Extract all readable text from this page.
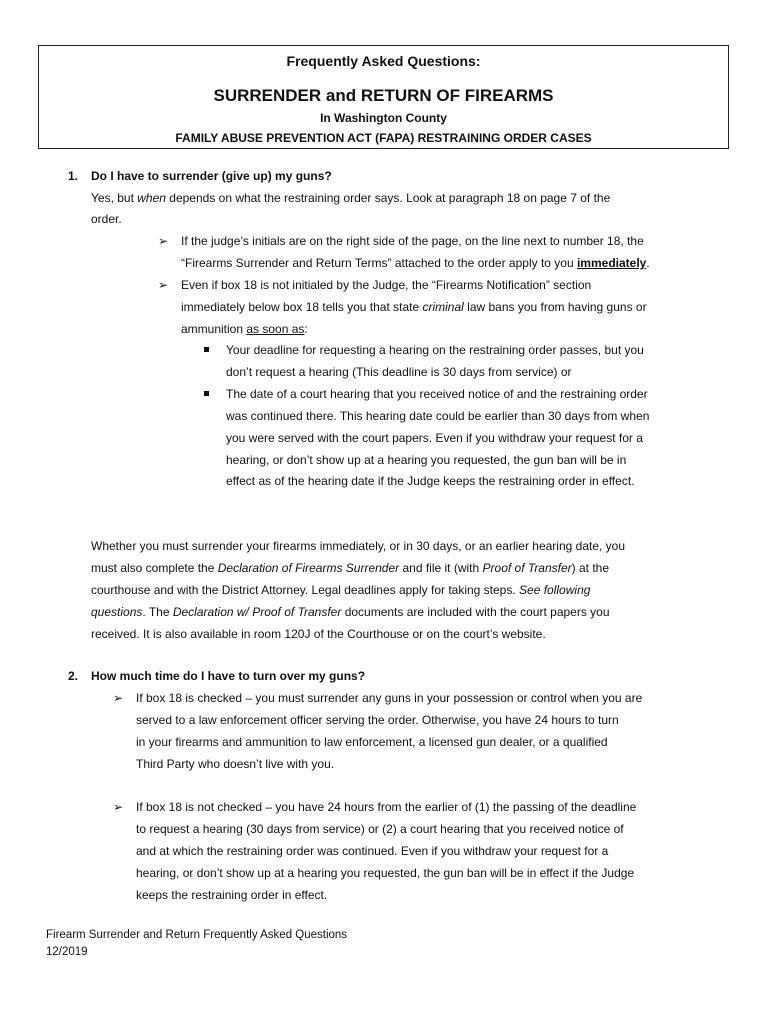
Frequently Asked Questions:
SURRENDER and RETURN OF FIREARMS
In Washington County
FAMILY ABUSE PREVENTION ACT (FAPA) RESTRAINING ORDER CASES
1. Do I have to surrender (give up) my guns?
Yes, but when depends on what the restraining order says. Look at paragraph 18 on page 7 of the
order.
➢ If the judge’s initials are on the right side of the page, on the line next to number 18, the
“Firearms Surrender and Return Terms” attached to the order apply to you immediately.
➢ Even if box 18 is not initialed by the Judge, the “Firearms Notification” section
immediately below box 18 tells you that state criminal law bans you from having guns or
ammunition as soon as:
Your deadline for requesting a hearing on the restraining order passes, but you
don’t request a hearing (This deadline is 30 days from service) or
The date of a court hearing that you received notice of and the restraining order
was continued there. This hearing date could be earlier than 30 days from when
you were served with the court papers. Even if you withdraw your request for a
hearing, or don’t show up at a hearing you requested, the gun ban will be in
effect as of the hearing date if the Judge keeps the restraining order in effect.
Whether you must surrender your firearms immediately, or in 30 days, or an earlier hearing date, you
must also complete the Declaration of Firearms Surrender and file it (with Proof of Transfer) at the
courthouse and with the District Attorney. Legal deadlines apply for taking steps. See following
questions. The Declaration w/ Proof of Transfer documents are included with the court papers you
received. It is also available in room 120J of the Courthouse or on the court’s website.
2. How much time do I have to turn over my guns?
➢ If box 18 is checked – you must surrender any guns in your possession or control when you are
served to a law enforcement officer serving the order. Otherwise, you have 24 hours to turn
in your firearms and ammunition to law enforcement, a licensed gun dealer, or a qualified
Third Party who doesn’t live with you.
➢ If box 18 is not checked – you have 24 hours from the earlier of (1) the passing of the deadline
to request a hearing (30 days from service) or (2) a court hearing that you received notice of
and at which the restraining order was continued. Even if you withdraw your request for a
hearing, or don’t show up at a hearing you requested, the gun ban will be in effect if the Judge
keeps the restraining order in effect.
Firearm Surrender and Return Frequently Asked Questions
12/2019
